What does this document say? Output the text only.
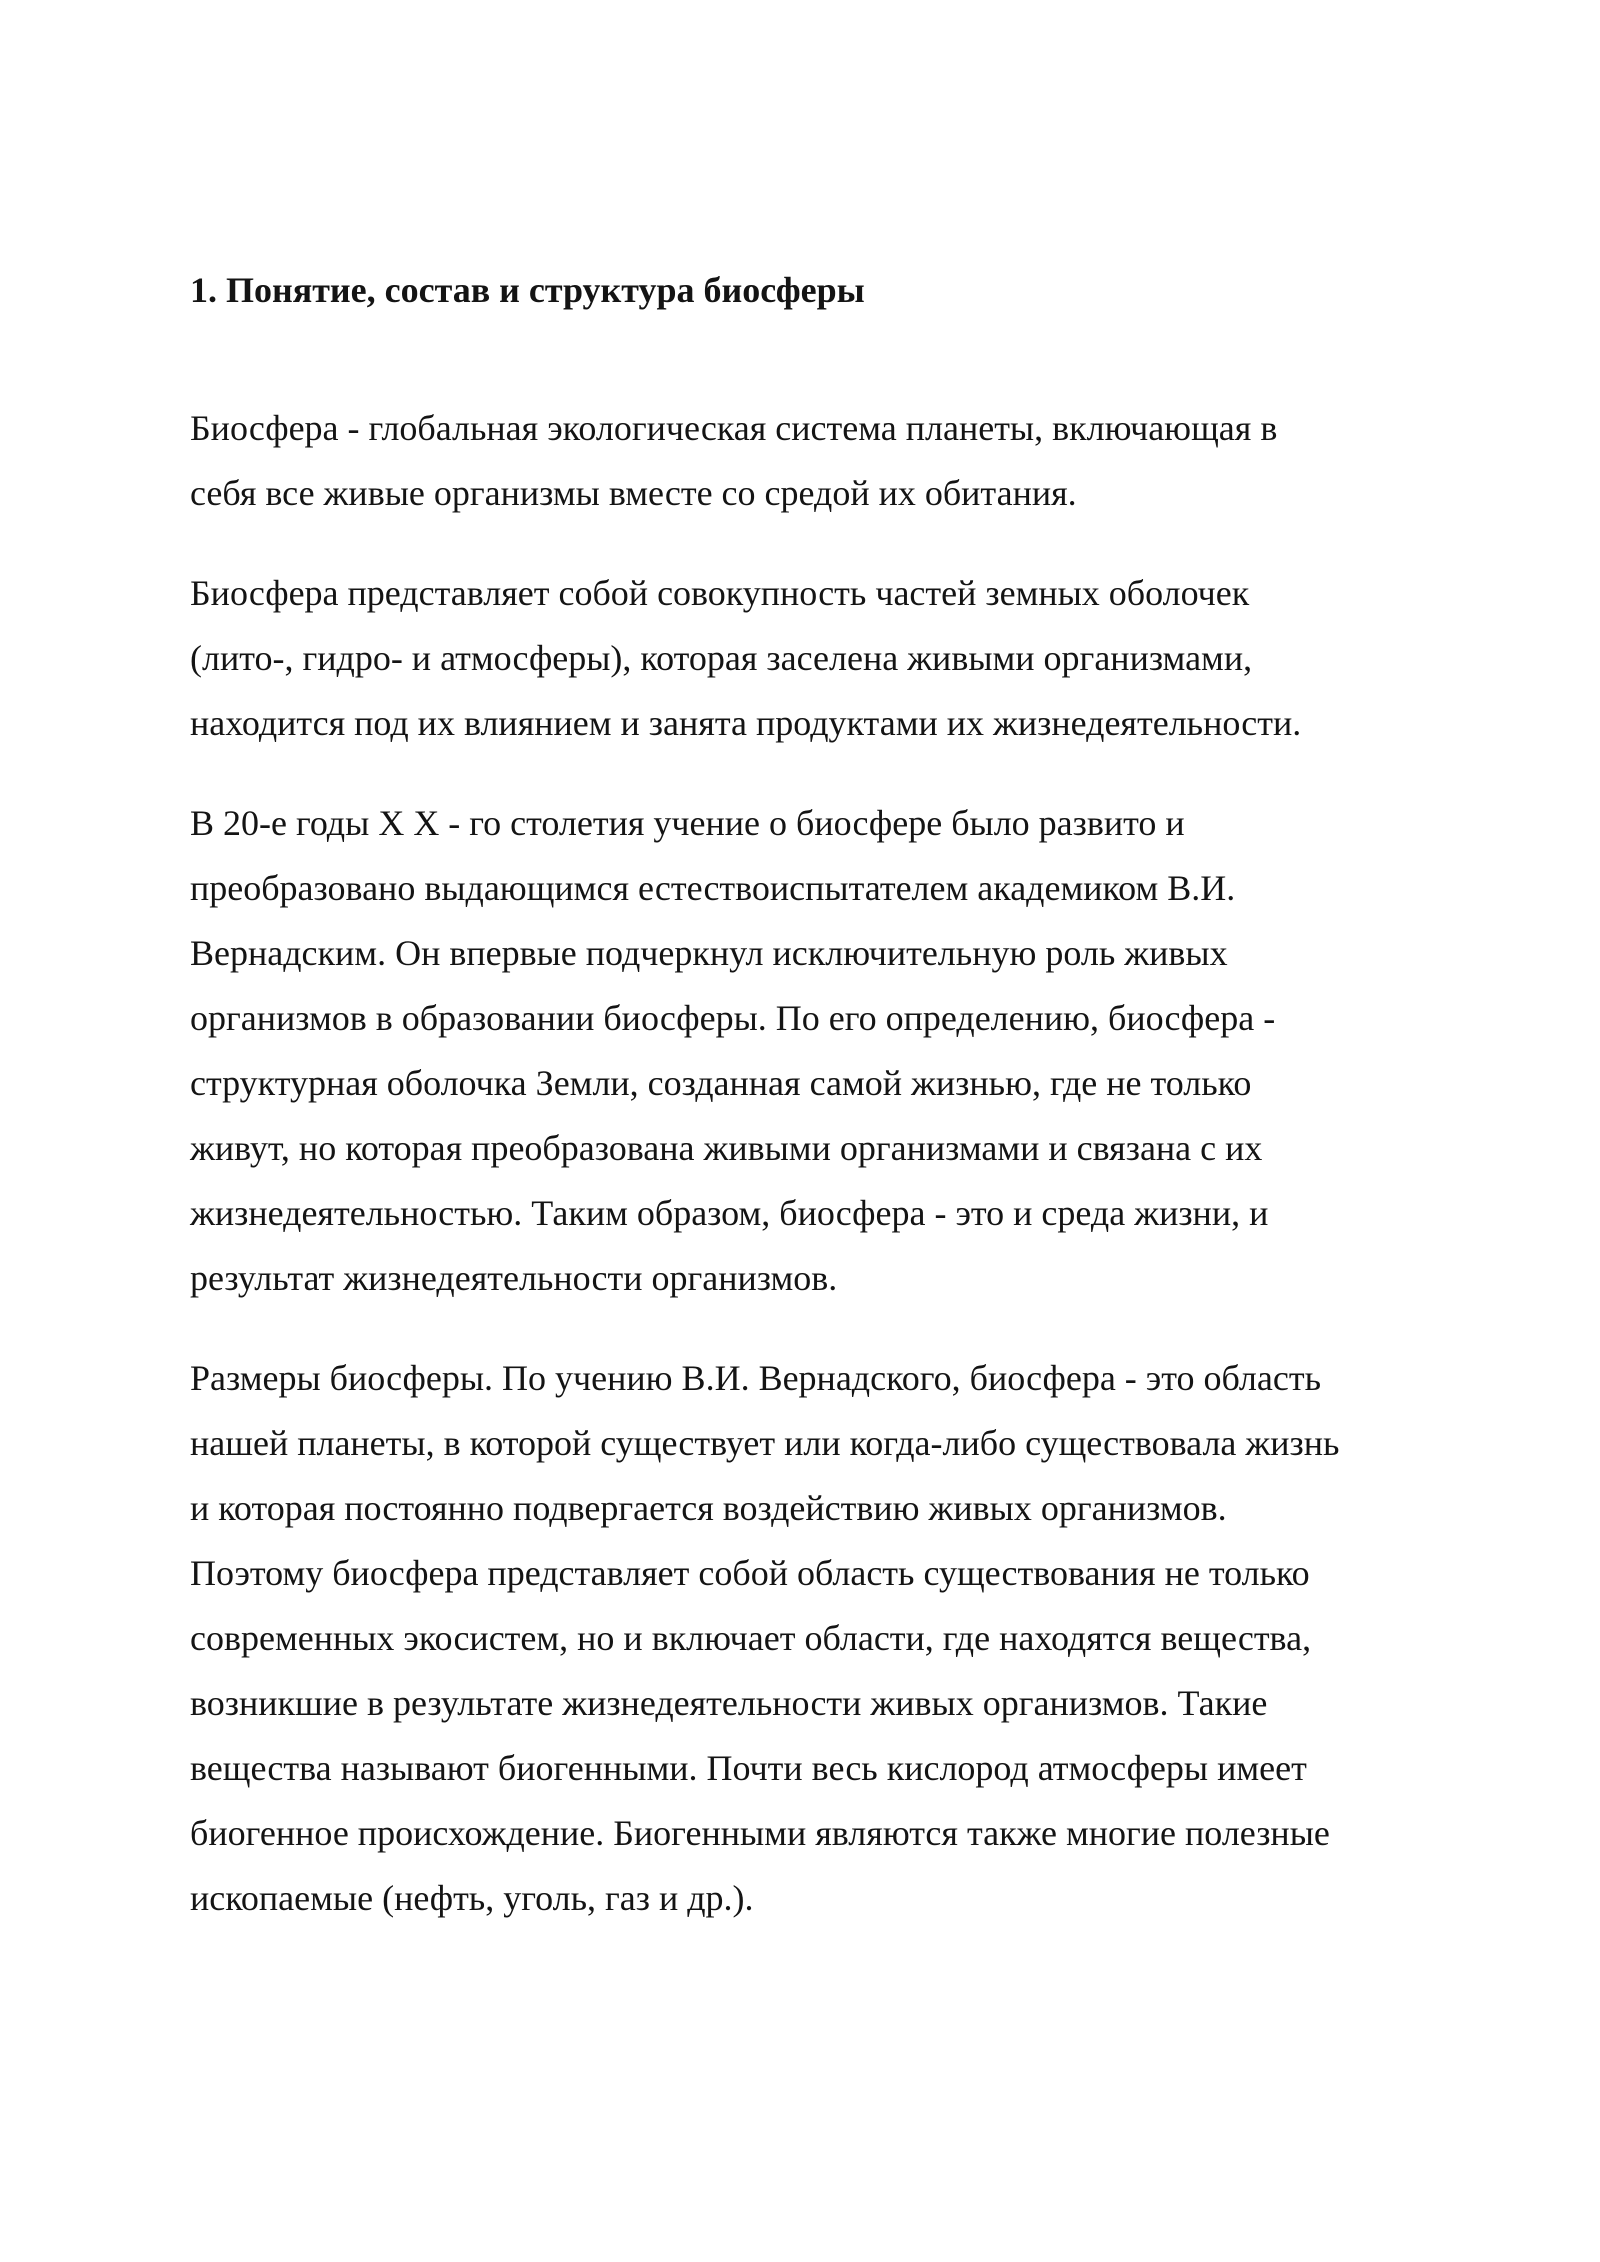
1. Понятие, состав и структура биосферы
Биосфера - глобальная экологическая система планеты, включающая в
себя все живые организмы вместе со средой их обитания.
Биосфера представляет собой совокупность частей земных оболочек
(лито-, гидро- и атмосферы), которая заселена живыми организмами,
находится под их влиянием и занята продуктами их жизнедеятельности.
В 20-е годы X X - го столетия учение о биосфере было развито и
преобразовано выдающимся естествоиспытателем академиком В.И.
Вернадским. Он впервые подчеркнул исключительную роль живых
организмов в образовании биосферы. По его определению, биосфера -
структурная оболочка Земли, созданная самой жизнью, где не только
живут, но которая преобразована живыми организмами и связана с их
жизнедеятельностью. Таким образом, биосфера - это и среда жизни, и
результат жизнедеятельности организмов.
Размеры биосферы. По учению В.И. Вернадского, биосфера - это область
нашей планеты, в которой существует или когда-либо существовала жизнь
и которая постоянно подвергается воздействию живых организмов.
Поэтому биосфера представляет собой область существования не только
современных экосистем, но и включает области, где находятся вещества,
возникшие в результате жизнедеятельности живых организмов. Такие
вещества называют биогенными. Почти весь кислород атмосферы имеет
биогенное происхождение. Биогенными являются также многие полезные
ископаемые (нефть, уголь, газ и др.).
